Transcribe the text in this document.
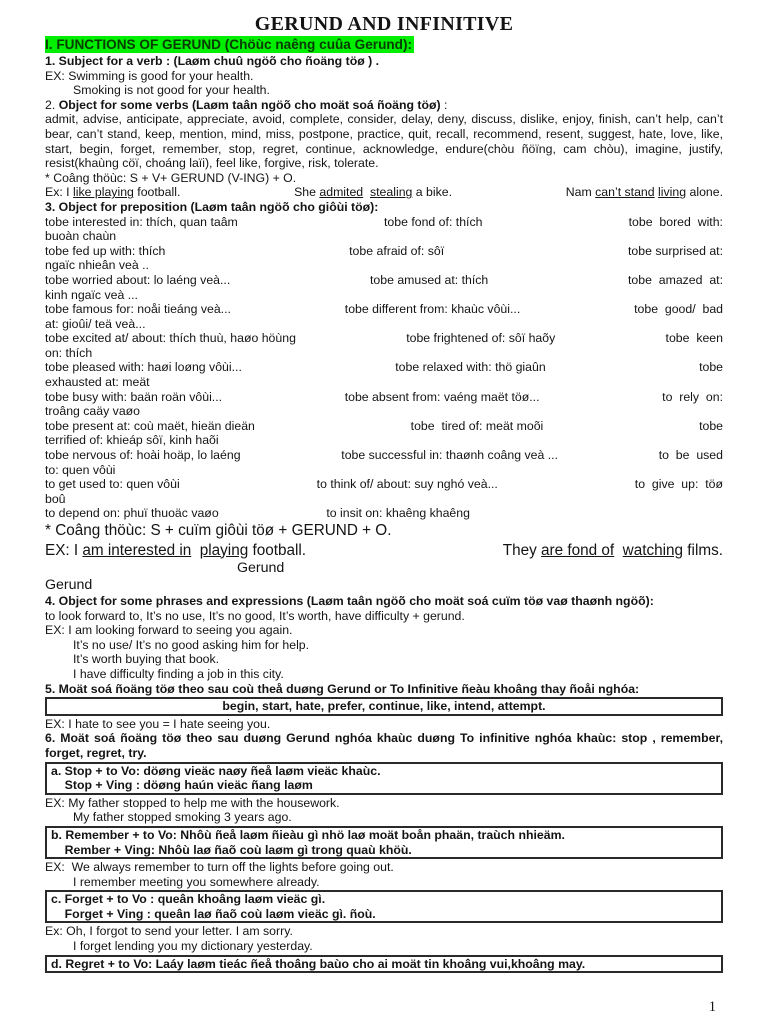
GERUND AND INFINITIVE
I. FUNCTIONS OF GERUND (Chöùc naêng cuûa Gerund):
1. Subject for a verb : (Laøm chuû ngöõ cho ñoäng töø ) .
EX: Swimming is good for your health.
Smoking is not good for your health.
2. Object for some verbs (Laøm taân ngöõ cho moät soá ñoäng töø) :
admit, advise, anticipate, appreciate, avoid, complete, consider, delay, deny, discuss, dislike, enjoy, finish, can’t help, can’t bear, can’t stand, keep, mention, mind, miss, postpone, practice, quit, recall, recommend, resent, suggest, hate, love, like, start, begin, forget, remember, stop, regret, continue, acknowledge, endure(chòu ñöïng, cam chòu), imagine, justify, resist(khaùng cöï, choáng laïi), feel like, forgive, risk, tolerate.
* Coâng thöùc: S + V+ GERUND (V-ING) + O.
Ex: I like playing football.	She admited stealing a bike.	Nam can’t stand living alone.
3. Object for preposition (Laøm taân ngöõ cho giôùi töø):
tobe interested in: thích, quan taâm	tobe fond of: thích	tobe  bored  with:
buoàn chaùn
tobe fed up with: thích	tobe afraid of: sôï	tobe surprised at:
ngaïc nhieân veà ..
tobe worried about: lo laéng veà...	tobe amused at: thích	tobe  amazed  at:
kinh ngaïc veà ...
tobe famous for: noåi tieáng veà...	tobe different from: khaùc vôùi...	tobe  good/  bad
at: gioûi/ teä veà...
tobe excited at/ about: thích thuù, haøo höùng	tobe frightened of: sôï haõy	tobe  keen
on: thích
tobe pleased with: haøi loøng vôùi...	tobe relaxed with: thö giaûn	tobe
exhausted at: meät
tobe busy with: baän roän vôùi...	tobe absent from: vaéng maët töø...	to  rely  on:
troâng caäy vaøo
tobe present at: coù maët, hieän dieän	tobe  tired of: meät moõi	tobe
terrified of: khieáp sôï, kinh haõi
tobe nervous of: hoài hoäp, lo laéng	tobe successful in: thaønh coâng veà ...	to  be  used
to: quen vôùi
to get used to: quen vôùi	to think of/ about: suy nghó veà...	to  give  up:  töø
boû
to depend on: phuï thuoäc vaøo	to insit on: khaêng khaêng
* Coâng thöùc: S + cuïm giôùi töø + GERUND + O.
EX: I am interested in playing football.	They are fond of watching films.
Gerund
Gerund
4. Object for some phrases and expressions (Laøm taân ngöõ cho moät soá cuïm töø vaø thaønh ngöõ):
to look forward to, It’s no use, It’s no good, It’s worth, have difficulty + gerund.
EX: I am looking forward to seeing you again.
It’s no use/ It’s no good asking him for help.
It’s worth buying that book.
I have difficulty finding a job in this city.
5. Moät soá ñoäng töø theo sau coù theå duøng Gerund or To Infinitive ñeàu khoâng thay ñoåi nghóa:
begin, start, hate, prefer, continue, like, intend, attempt.
EX: I hate to see you = I hate seeing you.
6. Moät soá ñoäng töø theo sau duøng Gerund nghóa khaùc duøng To infinitive nghóa khaùc: stop , remember, forget, regret, try.
a. Stop + to Vo: döøng vieäc naøy ñeå laøm vieäc khaùc.
Stop + Ving : döøng haún vieäc ñang laøm
EX: My father stopped to help me with the housework.
My father stopped smoking 3 years ago.
b. Remember + to Vo: Nhôù ñeå laøm ñieàu gì nhö laø moät boån phaän, traùch nhieäm.
Rember + Ving: Nhôù laø ñaõ coù laøm gì trong quaù khöù.
EX:  We always remember to turn off the lights before going out.
I remember meeting you somewhere already.
c. Forget + to Vo : queân khoâng laøm vieäc gì.
Forget + Ving : queân laø ñaõ coù laøm vieäc gì. ñoù.
Ex: Oh, I forgot to send your letter. I am sorry.
I forget lending you my dictionary yesterday.
d. Regret + to Vo: Laáy laøm tieác ñeå thoâng baùo cho ai moät tin khoâng vui,khoâng may.
1
